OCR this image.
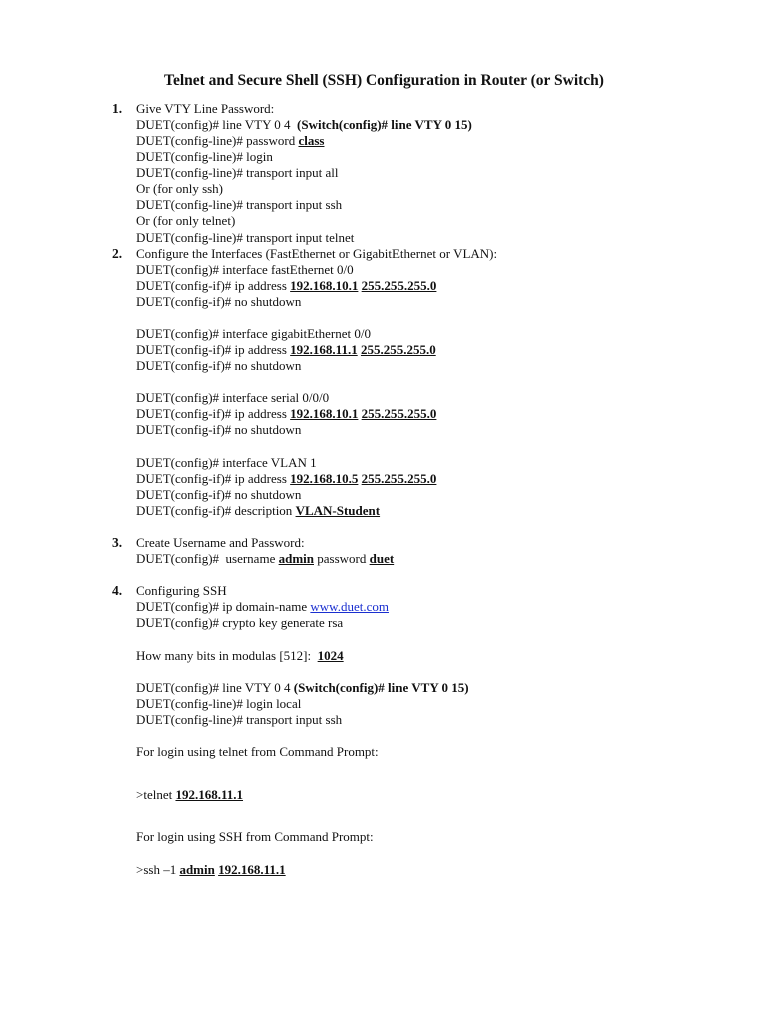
Telnet and Secure Shell (SSH) Configuration in Router (or Switch)
1. Give VTY Line Password:
DUET(config)# line VTY 0 4 (Switch(config)# line VTY 0 15)
DUET(config-line)# password class
DUET(config-line)# login
DUET(config-line)# transport input all
Or (for only ssh)
DUET(config-line)# transport input ssh
Or (for only telnet)
DUET(config-line)# transport input telnet
2. Configure the Interfaces (FastEthernet or GigabitEthernet or VLAN):
DUET(config)# interface fastEthernet 0/0
DUET(config-if)# ip address 192.168.10.1 255.255.255.0
DUET(config-if)# no shutdown
DUET(config)# interface gigabitEthernet 0/0
DUET(config-if)# ip address 192.168.11.1 255.255.255.0
DUET(config-if)# no shutdown
DUET(config)# interface serial 0/0/0
DUET(config-if)# ip address 192.168.10.1 255.255.255.0
DUET(config-if)# no shutdown
DUET(config)# interface VLAN 1
DUET(config-if)# ip address 192.168.10.5 255.255.255.0
DUET(config-if)# no shutdown
DUET(config-if)# description VLAN-Student
3. Create Username and Password:
DUET(config)#  username admin password duet
4. Configuring SSH
DUET(config)# ip domain-name www.duet.com
DUET(config)# crypto key generate rsa
How many bits in modulas [512]:  1024
DUET(config)# line VTY 0 4 (Switch(config)# line VTY 0 15)
DUET(config-line)# login local
DUET(config-line)# transport input ssh
For login using telnet from Command Prompt:
>telnet 192.168.11.1
For login using SSH from Command Prompt:
>ssh –1 admin 192.168.11.1
